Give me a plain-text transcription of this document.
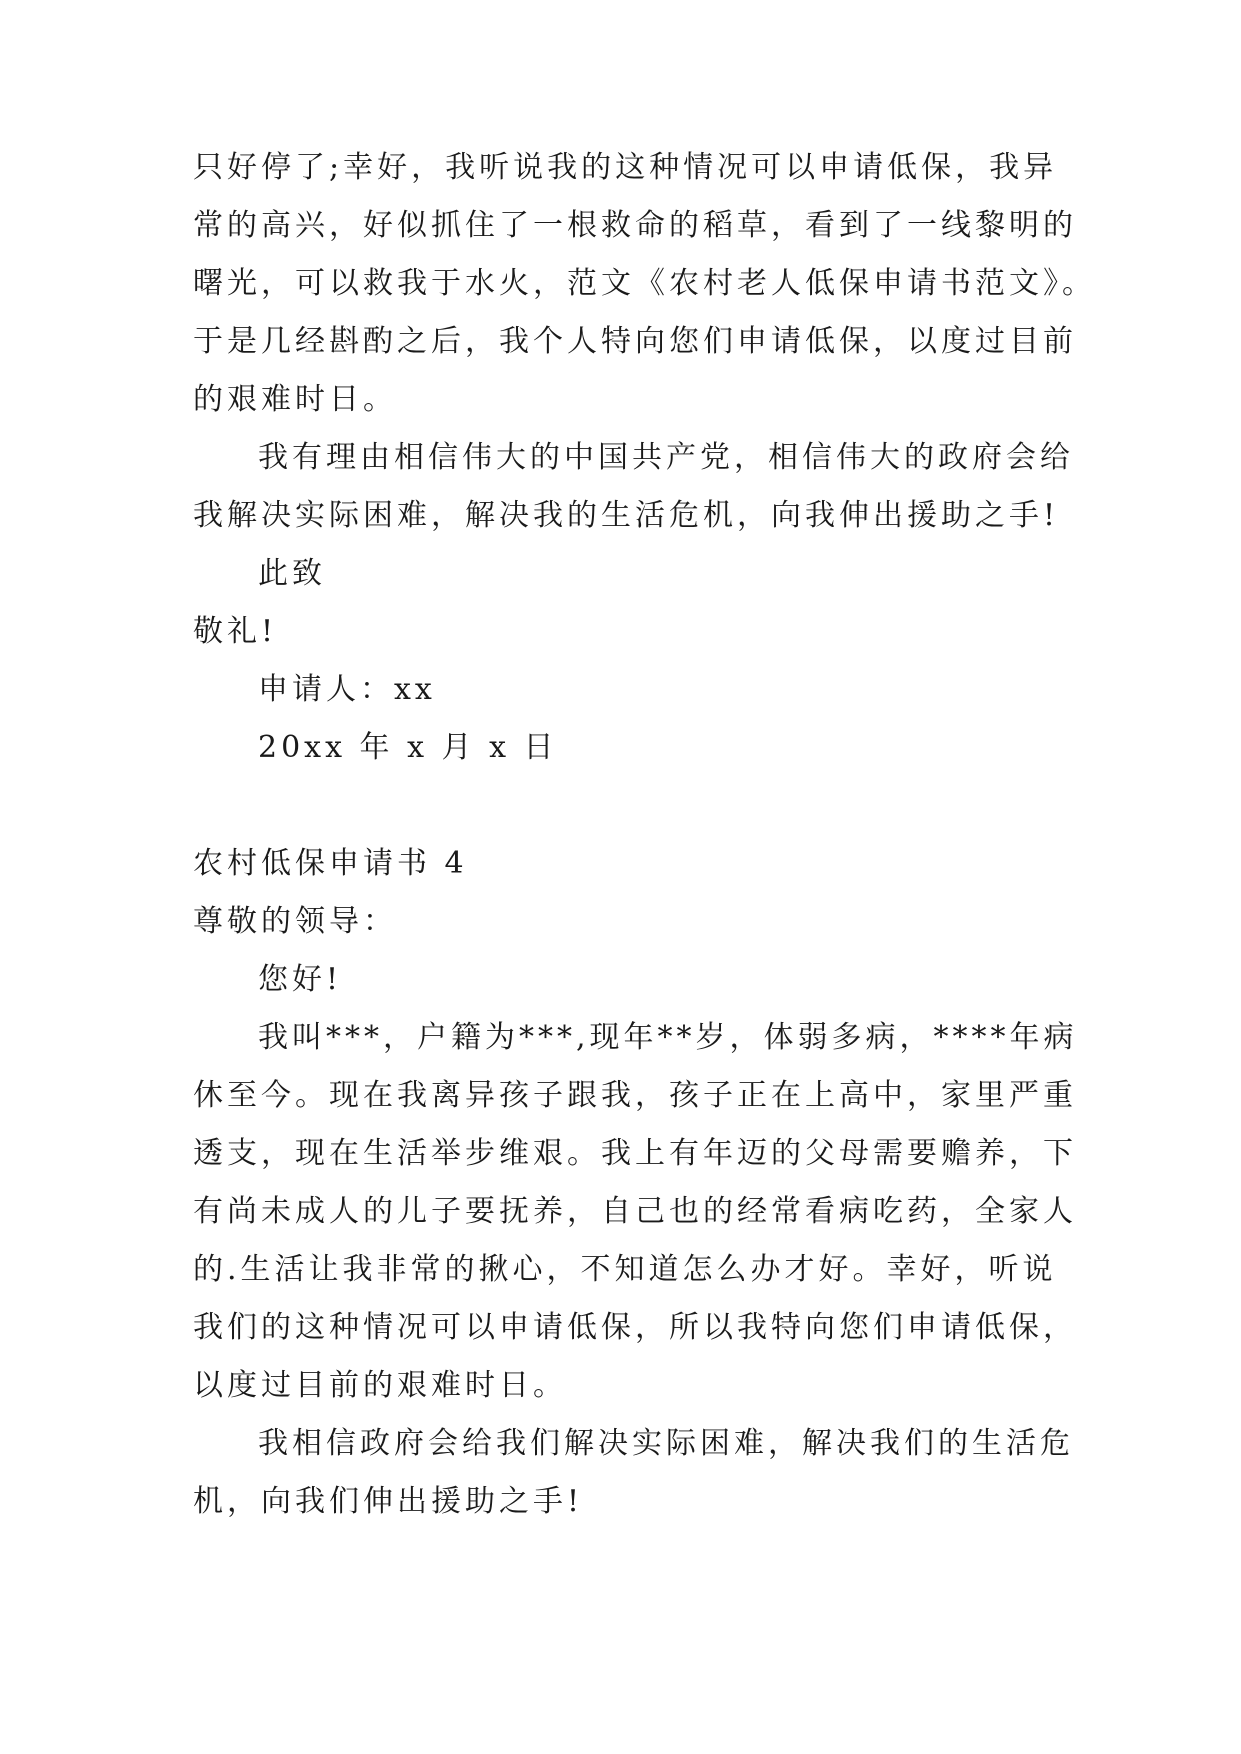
只好停了;幸好，我听说我的这种情况可以申请低保，我异
常的高兴，好似抓住了一根救命的稻草，看到了一线黎明的
曙光，可以救我于水火，范文《农村老人低保申请书范文》。
于是几经斟酌之后，我个人特向您们申请低保，以度过目前
的艰难时日。
我有理由相信伟大的中国共产党，相信伟大的政府会给
我解决实际困难，解决我的生活危机，向我伸出援助之手!
此致
敬礼!
申请人：xx
20xx 年 x 月 x 日
农村低保申请书 4
尊敬的领导：
您好!
我叫***，户籍为***,现年**岁，体弱多病，****年病
休至今。现在我离异孩子跟我，孩子正在上高中，家里严重
透支，现在生活举步维艰。我上有年迈的父母需要赡养，下
有尚未成人的儿子要抚养，自己也的经常看病吃药，全家人
的.生活让我非常的揪心，不知道怎么办才好。幸好，听说
我们的这种情况可以申请低保，所以我特向您们申请低保，
以度过目前的艰难时日。
我相信政府会给我们解决实际困难，解决我们的生活危
机，向我们伸出援助之手!
